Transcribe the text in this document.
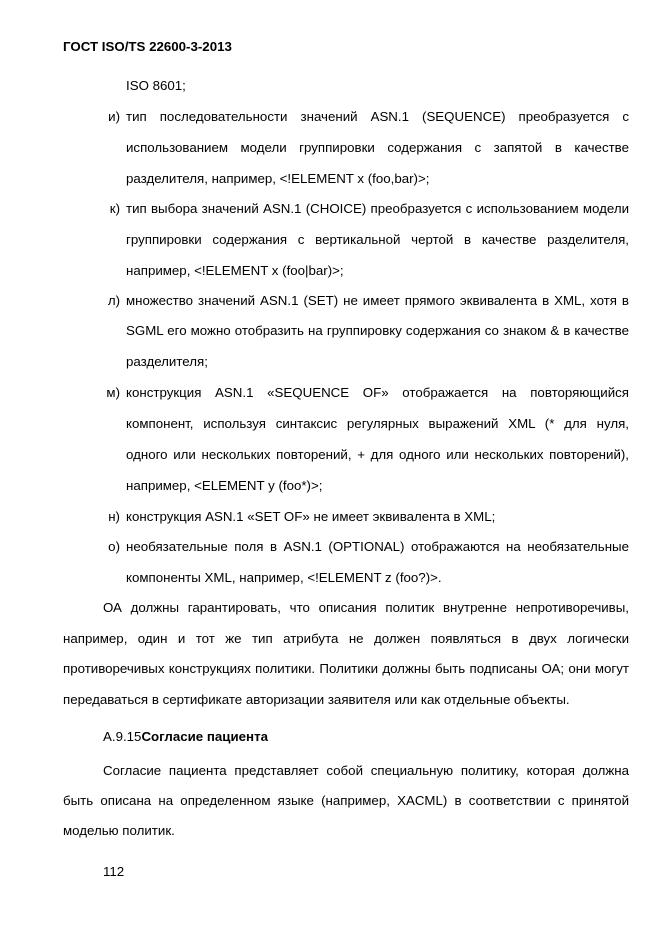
ГОСТ ISO/TS 22600-3-2013
ISO 8601;
и) тип последовательности значений ASN.1 (SEQUENCE) преобразуется с
использованием модели группировки содержания с запятой в качестве
разделителя, например, <!ELEMENT x (foo,bar)>;
к) тип выбора значений ASN.1 (CHOICE) преобразуется с использованием модели
группировки содержания с вертикальной чертой в качестве разделителя,
например, <!ELEMENT x (foo|bar)>;
л) множество значений ASN.1 (SET) не имеет прямого эквивалента в XML, хотя в
SGML его можно отобразить на группировку содержания со знаком & в качестве
разделителя;
м) конструкция ASN.1 «SEQUENCE OF» отображается на повторяющийся
компонент, используя синтаксис регулярных выражений XML (* для нуля,
одного или нескольких повторений, + для одного или нескольких повторений),
например, <ELEMENT y (foo*)>;
н) конструкция ASN.1 «SET OF» не имеет эквивалента в XML;
о) необязательные поля в ASN.1 (OPTIONAL) отображаются на необязательные
компоненты XML, например, <!ELEMENT z (foo?)>.
ОА должны гарантировать, что описания политик внутренне непротиворечивы,
например, один и тот же тип атрибута не должен появляться в двух логически
противоречивых конструкциях политики. Политики должны быть подписаны ОА; они могут
передаваться в сертификате авторизации заявителя или как отдельные объекты.
A.9.15Согласие пациента
Согласие пациента представляет собой специальную политику, которая должна
быть описана на определенном языке (например, XACML) в соответствии с принятой
моделью политик.
112
